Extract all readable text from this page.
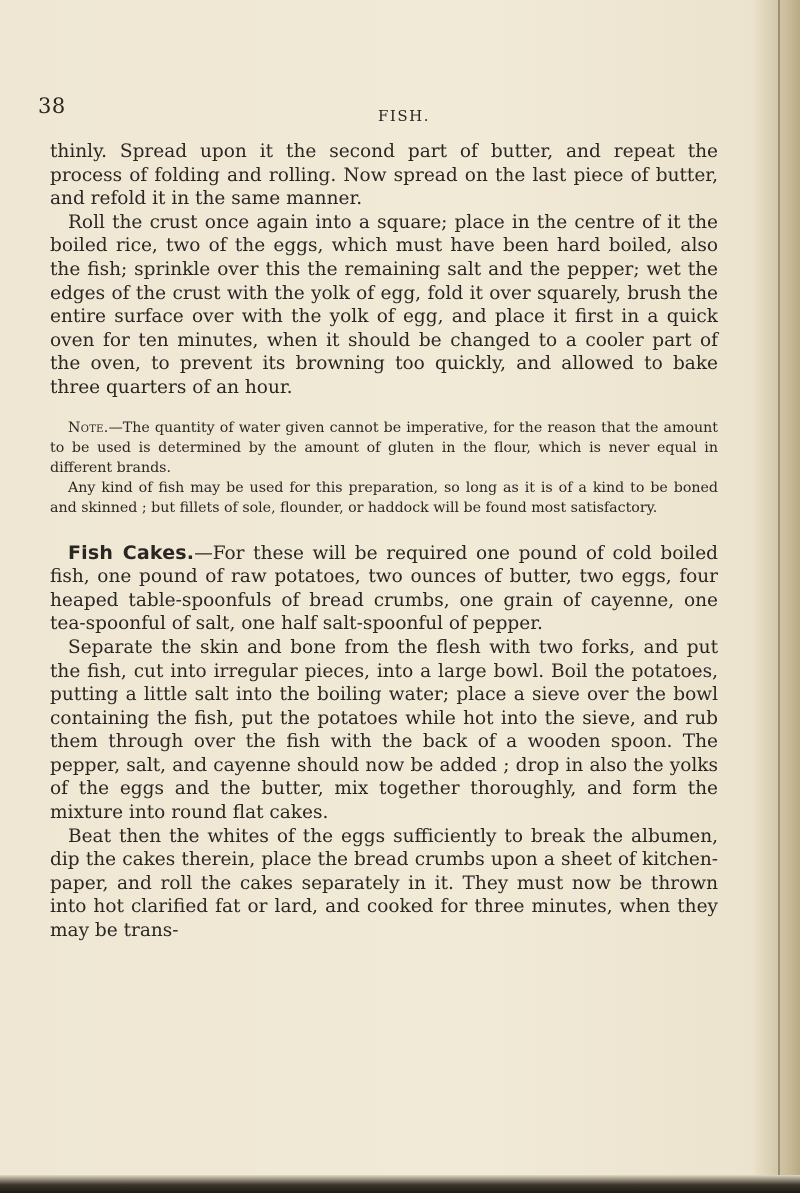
38	FISH.

thinly. Spread upon it the second part of butter, and repeat the process of folding and rolling. Now spread on the last piece of butter, and refold it in the same manner.

Roll the crust once again into a square; place in the centre of it the boiled rice, two of the eggs, which must have been hard boiled, also the fish; sprinkle over this the remaining salt and the pepper; wet the edges of the crust with the yolk of egg, fold it over squarely, brush the entire surface over with the yolk of egg, and place it first in a quick oven for ten minutes, when it should be changed to a cooler part of the oven, to prevent its browning too quickly, and allowed to bake three quarters of an hour.

Note.—The quantity of water given cannot be imperative, for the reason that the amount to be used is determined by the amount of gluten in the flour, which is never equal in different brands.

Any kind of fish may be used for this preparation, so long as it is of a kind to be boned and skinned ; but fillets of sole, flounder, or haddock will be found most satisfactory.

Fish Cakes.—For these will be required one pound of cold boiled fish, one pound of raw potatoes, two ounces of butter, two eggs, four heaped table-spoonfuls of bread crumbs, one grain of cayenne, one tea-spoonful of salt, one half salt-spoonful of pepper.

Separate the skin and bone from the flesh with two forks, and put the fish, cut into irregular pieces, into a large bowl. Boil the potatoes, putting a little salt into the boiling water; place a sieve over the bowl containing the fish, put the potatoes while hot into the sieve, and rub them through over the fish with the back of a wooden spoon. The pepper, salt, and cayenne should now be added ; drop in also the yolks of the eggs and the butter, mix together thoroughly, and form the mixture into round flat cakes.

Beat then the whites of the eggs sufficiently to break the albumen, dip the cakes therein, place the bread crumbs upon a sheet of kitchen-paper, and roll the cakes separately in it. They must now be thrown into hot clarified fat or lard, and cooked for three minutes, when they may be trans-
